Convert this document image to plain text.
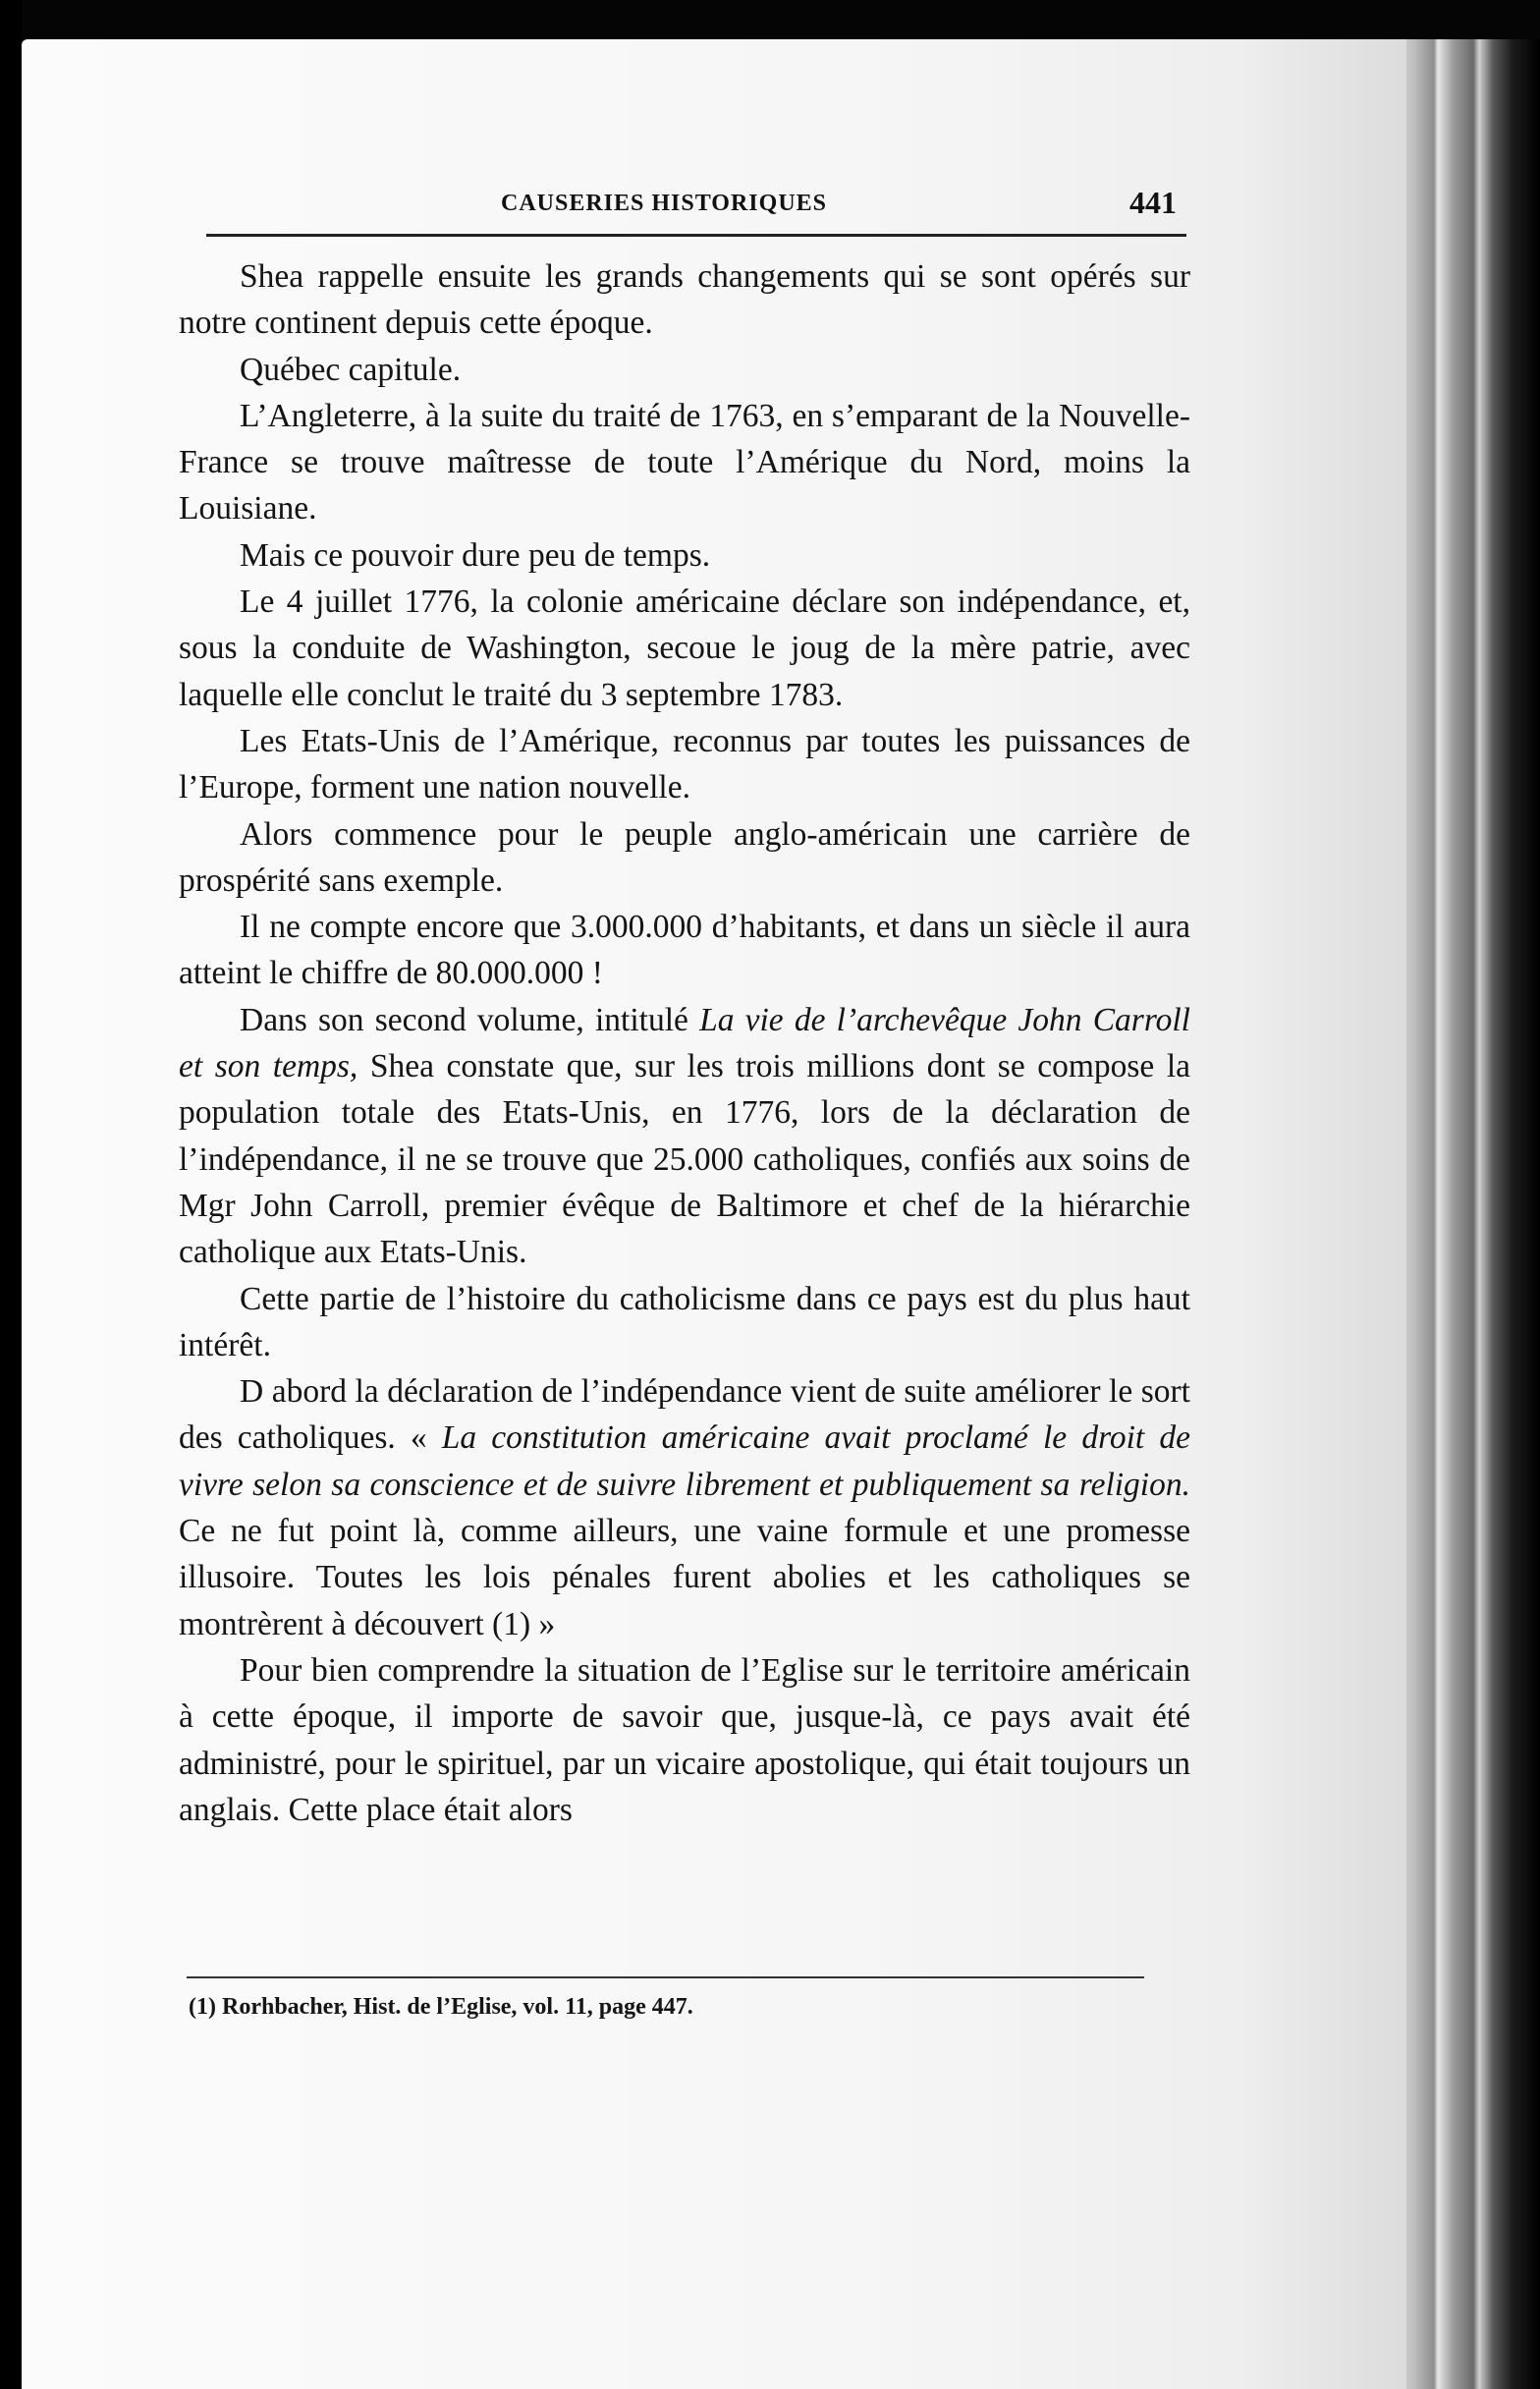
CAUSERIES HISTORIQUES	441

Shea rappelle ensuite les grands changements qui se sont opérés sur notre continent depuis cette époque.

Québec capitule.

L’Angleterre, à la suite du traité de 1763, en s’emparant de la Nouvelle-France se trouve maîtresse de toute l’Amérique du Nord, moins la Louisiane.

Mais ce pouvoir dure peu de temps.

Le 4 juillet 1776, la colonie américaine déclare son indépendance, et, sous la conduite de Washington, secoue le joug de la mère patrie, avec laquelle elle conclut le traité du 3 septembre 1783.

Les Etats-Unis de l’Amérique, reconnus par toutes les puissances de l’Europe, forment une nation nouvelle.

Alors commence pour le peuple anglo-américain une carrière de prospérité sans exemple.

Il ne compte encore que 3.000.000 d’habitants, et dans un siècle il aura atteint le chiffre de 80.000.000 !

Dans son second volume, intitulé La vie de l’archevêque John Carroll et son temps, Shea constate que, sur les trois millions dont se compose la population totale des Etats-Unis, en 1776, lors de la déclaration de l’indépendance, il ne se trouve que 25.000 catholiques, confiés aux soins de Mgr John Carroll, premier évêque de Baltimore et chef de la hiérarchie catholique aux Etats-Unis.

Cette partie de l’histoire du catholicisme dans ce pays est du plus haut intérêt.

D abord la déclaration de l’indépendance vient de suite améliorer le sort des catholiques. « La constitution américaine avait proclamé le droit de vivre selon sa conscience et de suivre librement et publiquement sa religion. Ce ne fut point là, comme ailleurs, une vaine formule et une promesse illusoire. Toutes les lois pénales furent abolies et les catholiques se montrèrent à découvert (1) »

Pour bien comprendre la situation de l’Eglise sur le territoire américain à cette époque, il importe de savoir que, jusque-là, ce pays avait été administré, pour le spirituel, par un vicaire apostolique, qui était toujours un anglais. Cette place était alors

(1) Rorhbacher, Hist. de l’Eglise, vol. 11, page 447.
